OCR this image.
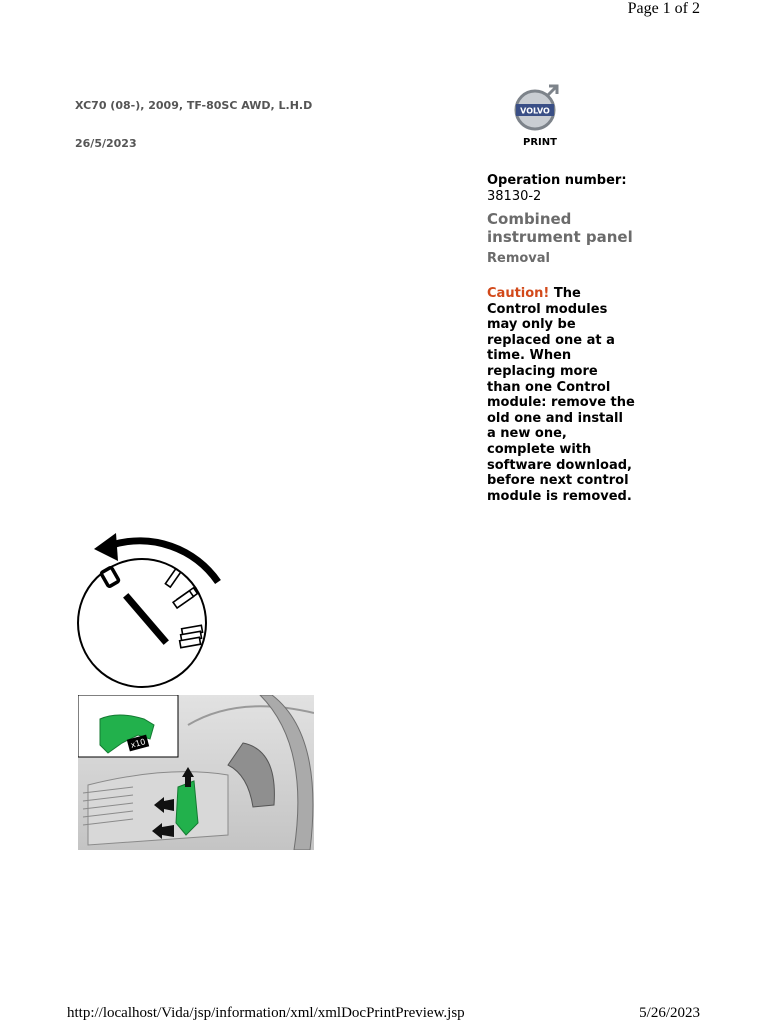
Page 1 of 2
XC70 (08-), 2009, TF-80SC AWD, L.H.D
26/5/2023
VOLVO
PRINT
Operation number:
38130-2
Combined instrument panel
Removal
Caution! The Control modules may only be replaced one at a time. When replacing more than one Control module: remove the old one and install a new one, complete with software download, before next control module is removed.
x10
http://localhost/Vida/jsp/information/xml/xmlDocPrintPreview.jsp	5/26/2023
